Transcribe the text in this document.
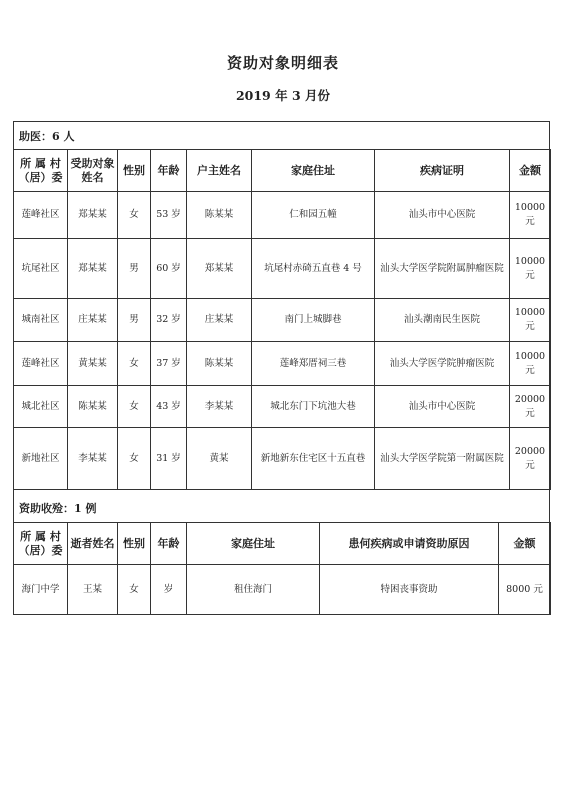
资助对象明细表
2019 年 3 月份
助医：6 人
所 属 村（居）委	受助对象姓名	性别	年龄	户主姓名	家庭住址	疾病证明	金额
莲峰社区	郑某某	女	53 岁	陈某某	仁和园五幢	汕头市中心医院	10000 元
坑尾社区	郑某某	男	60 岁	郑某某	坑尾村赤碕五直巷 4 号	汕头大学医学院附属肿瘤医院	10000 元
城南社区	庄某某	男	32 岁	庄某某	南门上城脚巷	汕头潮南民生医院	10000 元
莲峰社区	黄某某	女	37 岁	陈某某	莲峰郑厝祠三巷	汕头大学医学院肿瘤医院	10000 元
城北社区	陈某某	女	43 岁	李某某	城北东门下坑池大巷	汕头市中心医院	20000 元
新地社区	李某某	女	31 岁	黄某	新地新东住宅区十五直巷	汕头大学医学院第一附属医院	20000 元
资助收殓：1 例
所 属 村（居）委	逝者姓名	性别	年龄	家庭住址	患何疾病或申请资助原因	金额
海门中学	王某	女	岁	租住海门	特困丧事资助	8000 元
